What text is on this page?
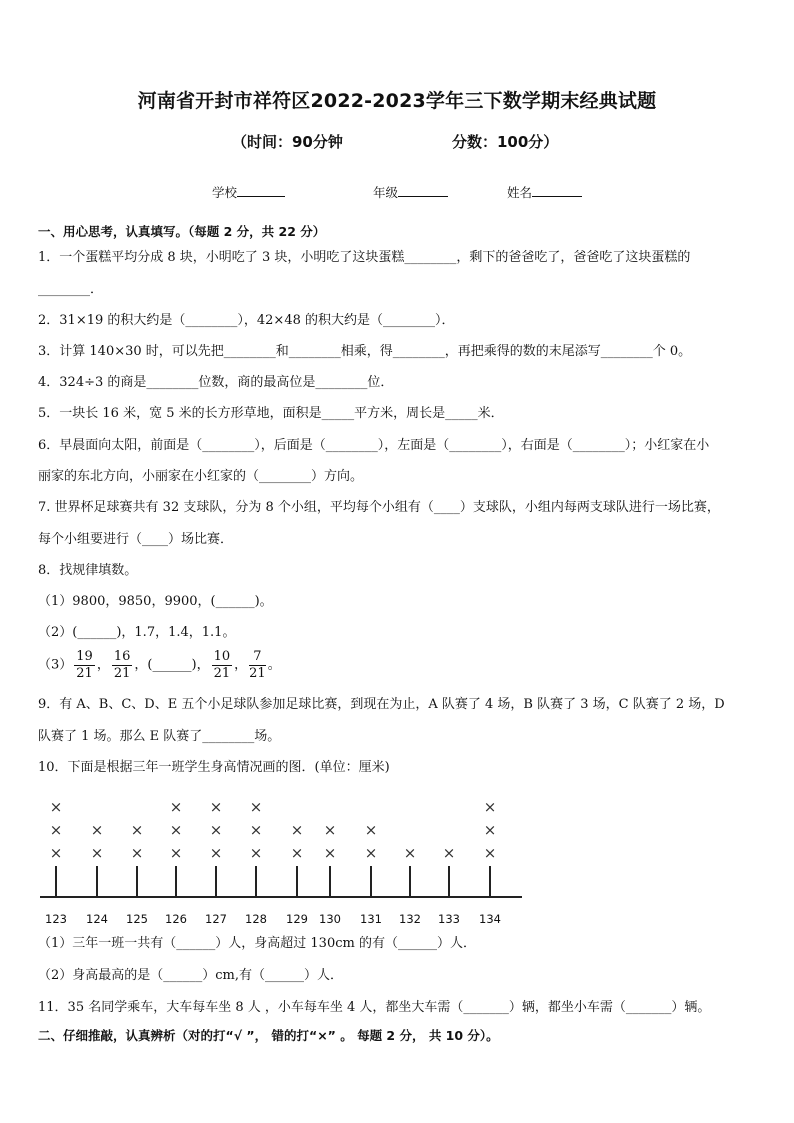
河南省开封市祥符区2022-2023学年三下数学期末经典试题
（时间：90分钟	分数：100分）
学校	年级	姓名
一、用心思考，认真填写。（每题 2 分，共 22 分）
1．一个蛋糕平均分成 8 块，小明吃了 3 块，小明吃了这块蛋糕________，剩下的爸爸吃了，爸爸吃了这块蛋糕的
________．
2．31×19 的积大约是（________），42×48 的积大约是（________）．
3．计算 140×30 时，可以先把________和________相乘，得________，再把乘得的数的末尾添写________个 0。
4．324÷3 的商是________位数，商的最高位是________位．
5．一块长 16 米，宽 5 米的长方形草地，面积是_____平方米，周长是_____米．
6．早晨面向太阳，前面是（________），后面是（________），左面是（________），右面是（________）；小红家在小
丽家的东北方向，小丽家在小红家的（________）方向。
7. 世界杯足球赛共有 32 支球队，分为 8 个小组，平均每个小组有（____）支球队，小组内每两支球队进行一场比赛，
每个小组要进行（____）场比赛．
8．找规律填数。
（1）9800，9850，9900，(______)。
（2）(______)，1.7，1.4，1.1。
$(3) \frac{19}{21}$ ， $\frac{16}{21}$ ，(______)， $\frac{10}{21}$ ， $\frac{7}{21}$ 。
9．有 A、B、C、D、E 五个小足球队参加足球比赛，到现在为止，A 队赛了 4 场，B 队赛了 3 场，C 队赛了 2 场，D
队赛了 1 场。那么 E 队赛了________场。
10．下面是根据三年一班学生身高情况画的图．(单位：厘米)
123
×
×
×
124
×
×
125
×
×
126
×
×
×
127
×
×
×
128
×
×
×
129
×
×
130
×
×
131
×
×
132
×
133
×
134
×
×
×
（1）三年一班一共有（______）人，身高超过 130cm 的有（______）人．
（2）身高最高的是（______）cm,有（______）人．
11．35 名同学乘车，大车每车坐 8 人 ，小车每车坐 4 人，都坐大车需（_______）辆，都坐小车需（_______）辆。
二、仔细推敲，认真辨析（对的打“√ ”， 错的打“×” 。 每题 2 分， 共 10 分）。
